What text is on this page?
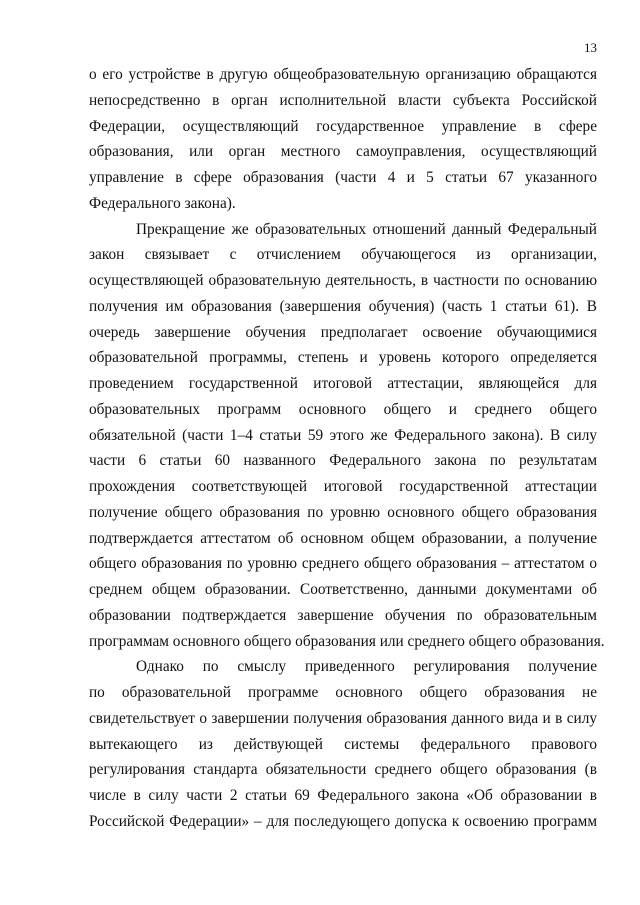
13

о его устройстве в другую общеобразовательную организацию обращаются
непосредственно в орган исполнительной власти субъекта Российской
Федерации, осуществляющий государственное управление в сфере
образования, или орган местного самоуправления, осуществляющий
управление в сфере образования (части 4 и 5 статьи 67 указанного
Федерального закона).

Прекращение же образовательных отношений данный Федеральный
закон связывает с отчислением обучающегося из организации,
осуществляющей образовательную деятельность, в частности по основанию
получения им образования (завершения обучения) (часть 1 статьи 61). В
очередь завершение обучения предполагает освоение обучающимися
образовательной программы, степень и уровень которого определяется
проведением государственной итоговой аттестации, являющейся для
образовательных программ основного общего и среднего общего
обязательной (части 1–4 статьи 59 этого же Федерального закона). В силу
части 6 статьи 60 названного Федерального закона по результатам
прохождения соответствующей итоговой государственной аттестации
получение общего образования по уровню основного общего образования
подтверждается аттестатом об основном общем образовании, а получение
общего образования по уровню среднего общего образования – аттестатом о
среднем общем образовании. Соответственно, данными документами об
образовании подтверждается завершение обучения по образовательным
программам основного общего образования или среднего общего образования.

Однако по смыслу приведенного регулирования получение
по образовательной программе основного общего образования не
свидетельствует о завершении получения образования данного вида и в силу
вытекающего из действующей системы федерального правового
регулирования стандарта обязательности среднего общего образования (в
числе в силу части 2 статьи 69 Федерального закона «Об образовании в
Российской Федерации» – для последующего допуска к освоению программ
